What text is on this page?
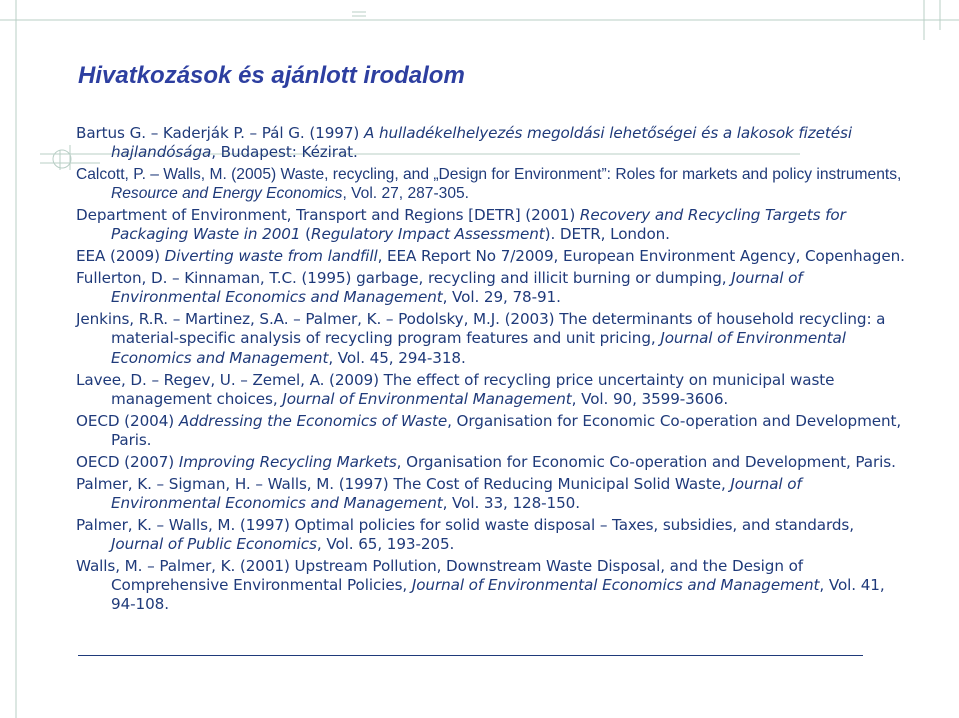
Hivatkozások és ajánlott irodalom
Bartus G. – Kaderják P. – Pál G. (1997) A hulladékelhelyezés megoldási lehetőségei és a lakosok fizetési hajlandósága, Budapest: Kézirat.
Calcott, P. – Walls, M. (2005) Waste, recycling, and „Design for Environment”: Roles for markets and policy instruments, Resource and Energy Economics, Vol. 27, 287-305.
Department of Environment, Transport and Regions [DETR] (2001) Recovery and Recycling Targets for Packaging Waste in 2001 (Regulatory Impact Assessment). DETR, London.
EEA (2009) Diverting waste from landfill, EEA Report No 7/2009, European Environment Agency, Copenhagen.
Fullerton, D. – Kinnaman, T.C. (1995) garbage, recycling and illicit burning or dumping, Journal of Environmental Economics and Management, Vol. 29, 78-91.
Jenkins, R.R. – Martinez, S.A. – Palmer, K. – Podolsky, M.J. (2003) The determinants of household recycling: a material-specific analysis of recycling program features and unit pricing, Journal of Environmental Economics and Management, Vol. 45, 294-318.
Lavee, D. – Regev, U. – Zemel, A. (2009) The effect of recycling price uncertainty on municipal waste management choices, Journal of Environmental Management, Vol. 90, 3599-3606.
OECD (2004) Addressing the Economics of Waste, Organisation for Economic Co-operation and Development, Paris.
OECD (2007) Improving Recycling Markets, Organisation for Economic Co-operation and Development, Paris.
Palmer, K. – Sigman, H. – Walls, M. (1997) The Cost of Reducing Municipal Solid Waste, Journal of Environmental Economics and Management, Vol. 33, 128-150.
Palmer, K. – Walls, M. (1997) Optimal policies for solid waste disposal – Taxes, subsidies, and standards, Journal of Public Economics, Vol. 65, 193-205.
Walls, M. – Palmer, K. (2001) Upstream Pollution, Downstream Waste Disposal, and the Design of Comprehensive Environmental Policies, Journal of Environmental Economics and Management, Vol. 41, 94-108.
